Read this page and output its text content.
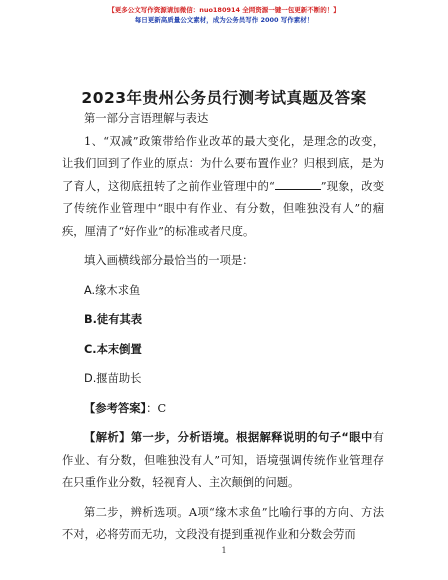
【更多公文写作资源请加微信：nuo180914 全网资源一键一包更新不断的！】
每日更新高质量公文素材，成为公务员写作 2000 写作素材！
2023年贵州公务员行测考试真题及答案

第一部分言语理解与表达

1、“双减”政策带给作业改革的最大变化，是理念的改变，让我们回到了作业的原点：为什么要布置作业？归根到底，是为了育人，这彻底扭转了之前作业管理中的“	”现象，改变了传统作业管理中“眼中有作业、有分数，但唯独没有人”的痼疾，厘清了“好作业”的标准或者尺度。

填入画横线部分最恰当的一项是：

A.缘木求鱼

B.徒有其表

C.本末倒置

D.揠苗助长

【参考答案】：C

【解析】第一步，分析语境。根据解释说明的句子“眼中有作业、有分数，但唯独没有人”可知，语境强调传统作业管理存在只重作业分数，轻视育人、主次颠倒的问题。

第二步，辨析选项。A项“缘木求鱼”比喻行事的方向、方法不对，必将劳而无功，文段没有提到重视作业和分数会劳而

1
